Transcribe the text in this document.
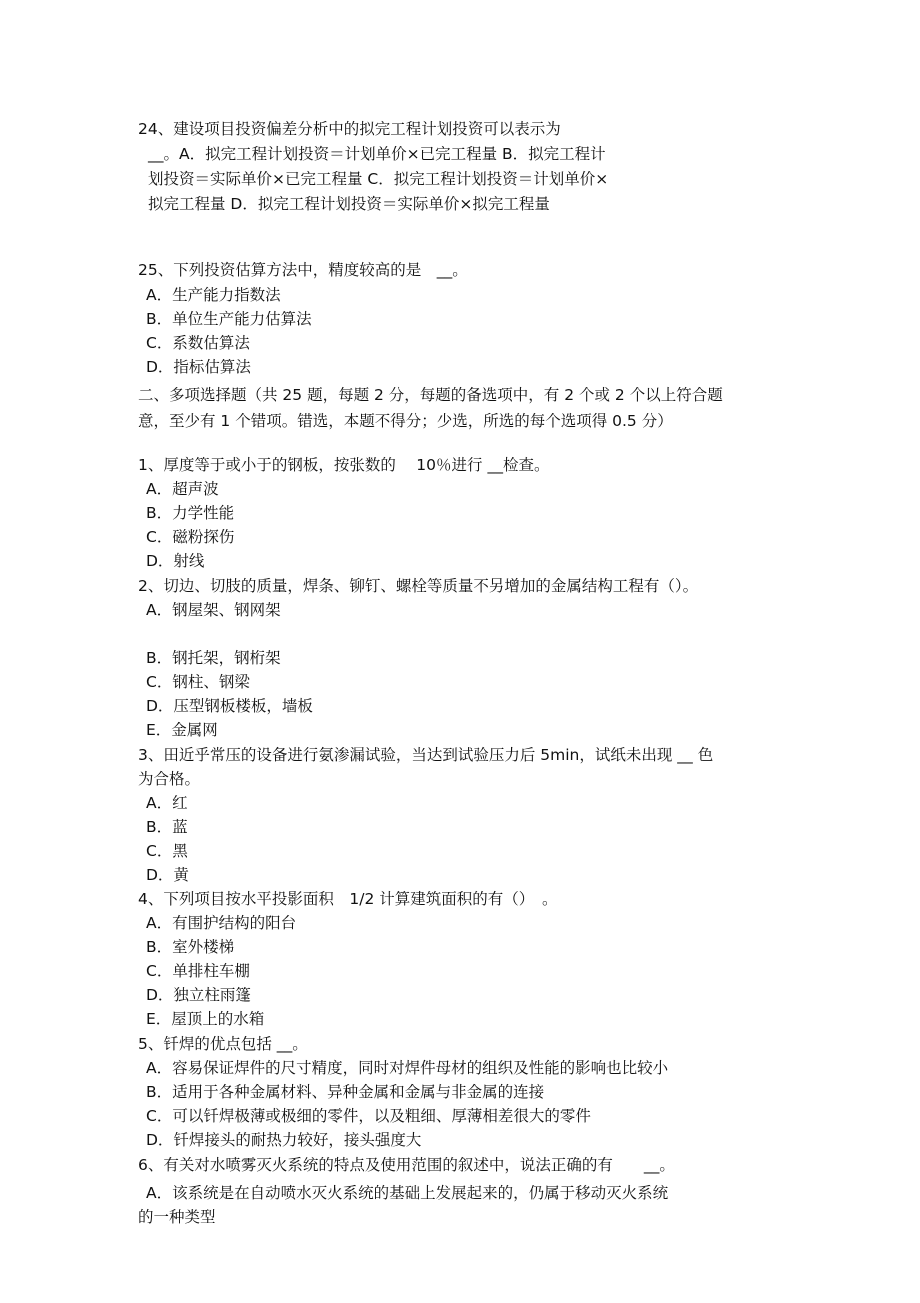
24、建设项目投资偏差分析中的拟完工程计划投资可以表示为
__。A．拟完工程计划投资＝计划单价×已完工程量 B．拟完工程计
划投资＝实际单价×已完工程量 C．拟完工程计划投资＝计划单价×
拟完工程量 D．拟完工程计划投资＝实际单价×拟完工程量
25、下列投资估算方法中，精度较高的是　__。
A．生产能力指数法
B．单位生产能力估算法
C．系数估算法
D．指标估算法
二、多项选择题（共 25 题，每题 2 分，每题的备选项中，有 2 个或 2 个以上符合题
意，至少有 1 个错项。错选，本题不得分；少选，所选的每个选项得 0.5 分）
1、厚度等于或小于的钢板，按张数的　 10％进行 __检查。
A．超声波
B．力学性能
C．磁粉探伤
D．射线
2、切边、切肢的质量，焊条、铆钉、螺栓等质量不另增加的金属结构工程有（）。
A．钢屋架、钢网架
B．钢托架，钢桁架
C．钢柱、钢梁
D．压型钢板楼板，墙板
E．金属网
3、田近乎常压的设备进行氨渗漏试验，当达到试验压力后 5min，试纸未出现 __ 色
为合格。
A．红
B．蓝
C．黑
D．黄
4、下列项目按水平投影面积　1/2 计算建筑面积的有（）　。
A．有围护结构的阳台
B．室外楼梯
C．单排柱车棚
D．独立柱雨篷
E．屋顶上的水箱
5、钎焊的优点包括 __。
A．容易保证焊件的尺寸精度，同时对焊件母材的组织及性能的影响也比较小
B．适用于各种金属材料、异种金属和金属与非金属的连接
C．可以钎焊极薄或极细的零件，以及粗细、厚薄相差很大的零件
D．钎焊接头的耐热力较好，接头强度大
6、有关对水喷雾灭火系统的特点及使用范围的叙述中，说法正确的有　　__。
A．该系统是在自动喷水灭火系统的基础上发展起来的，仍属于移动灭火系统
的一种类型
